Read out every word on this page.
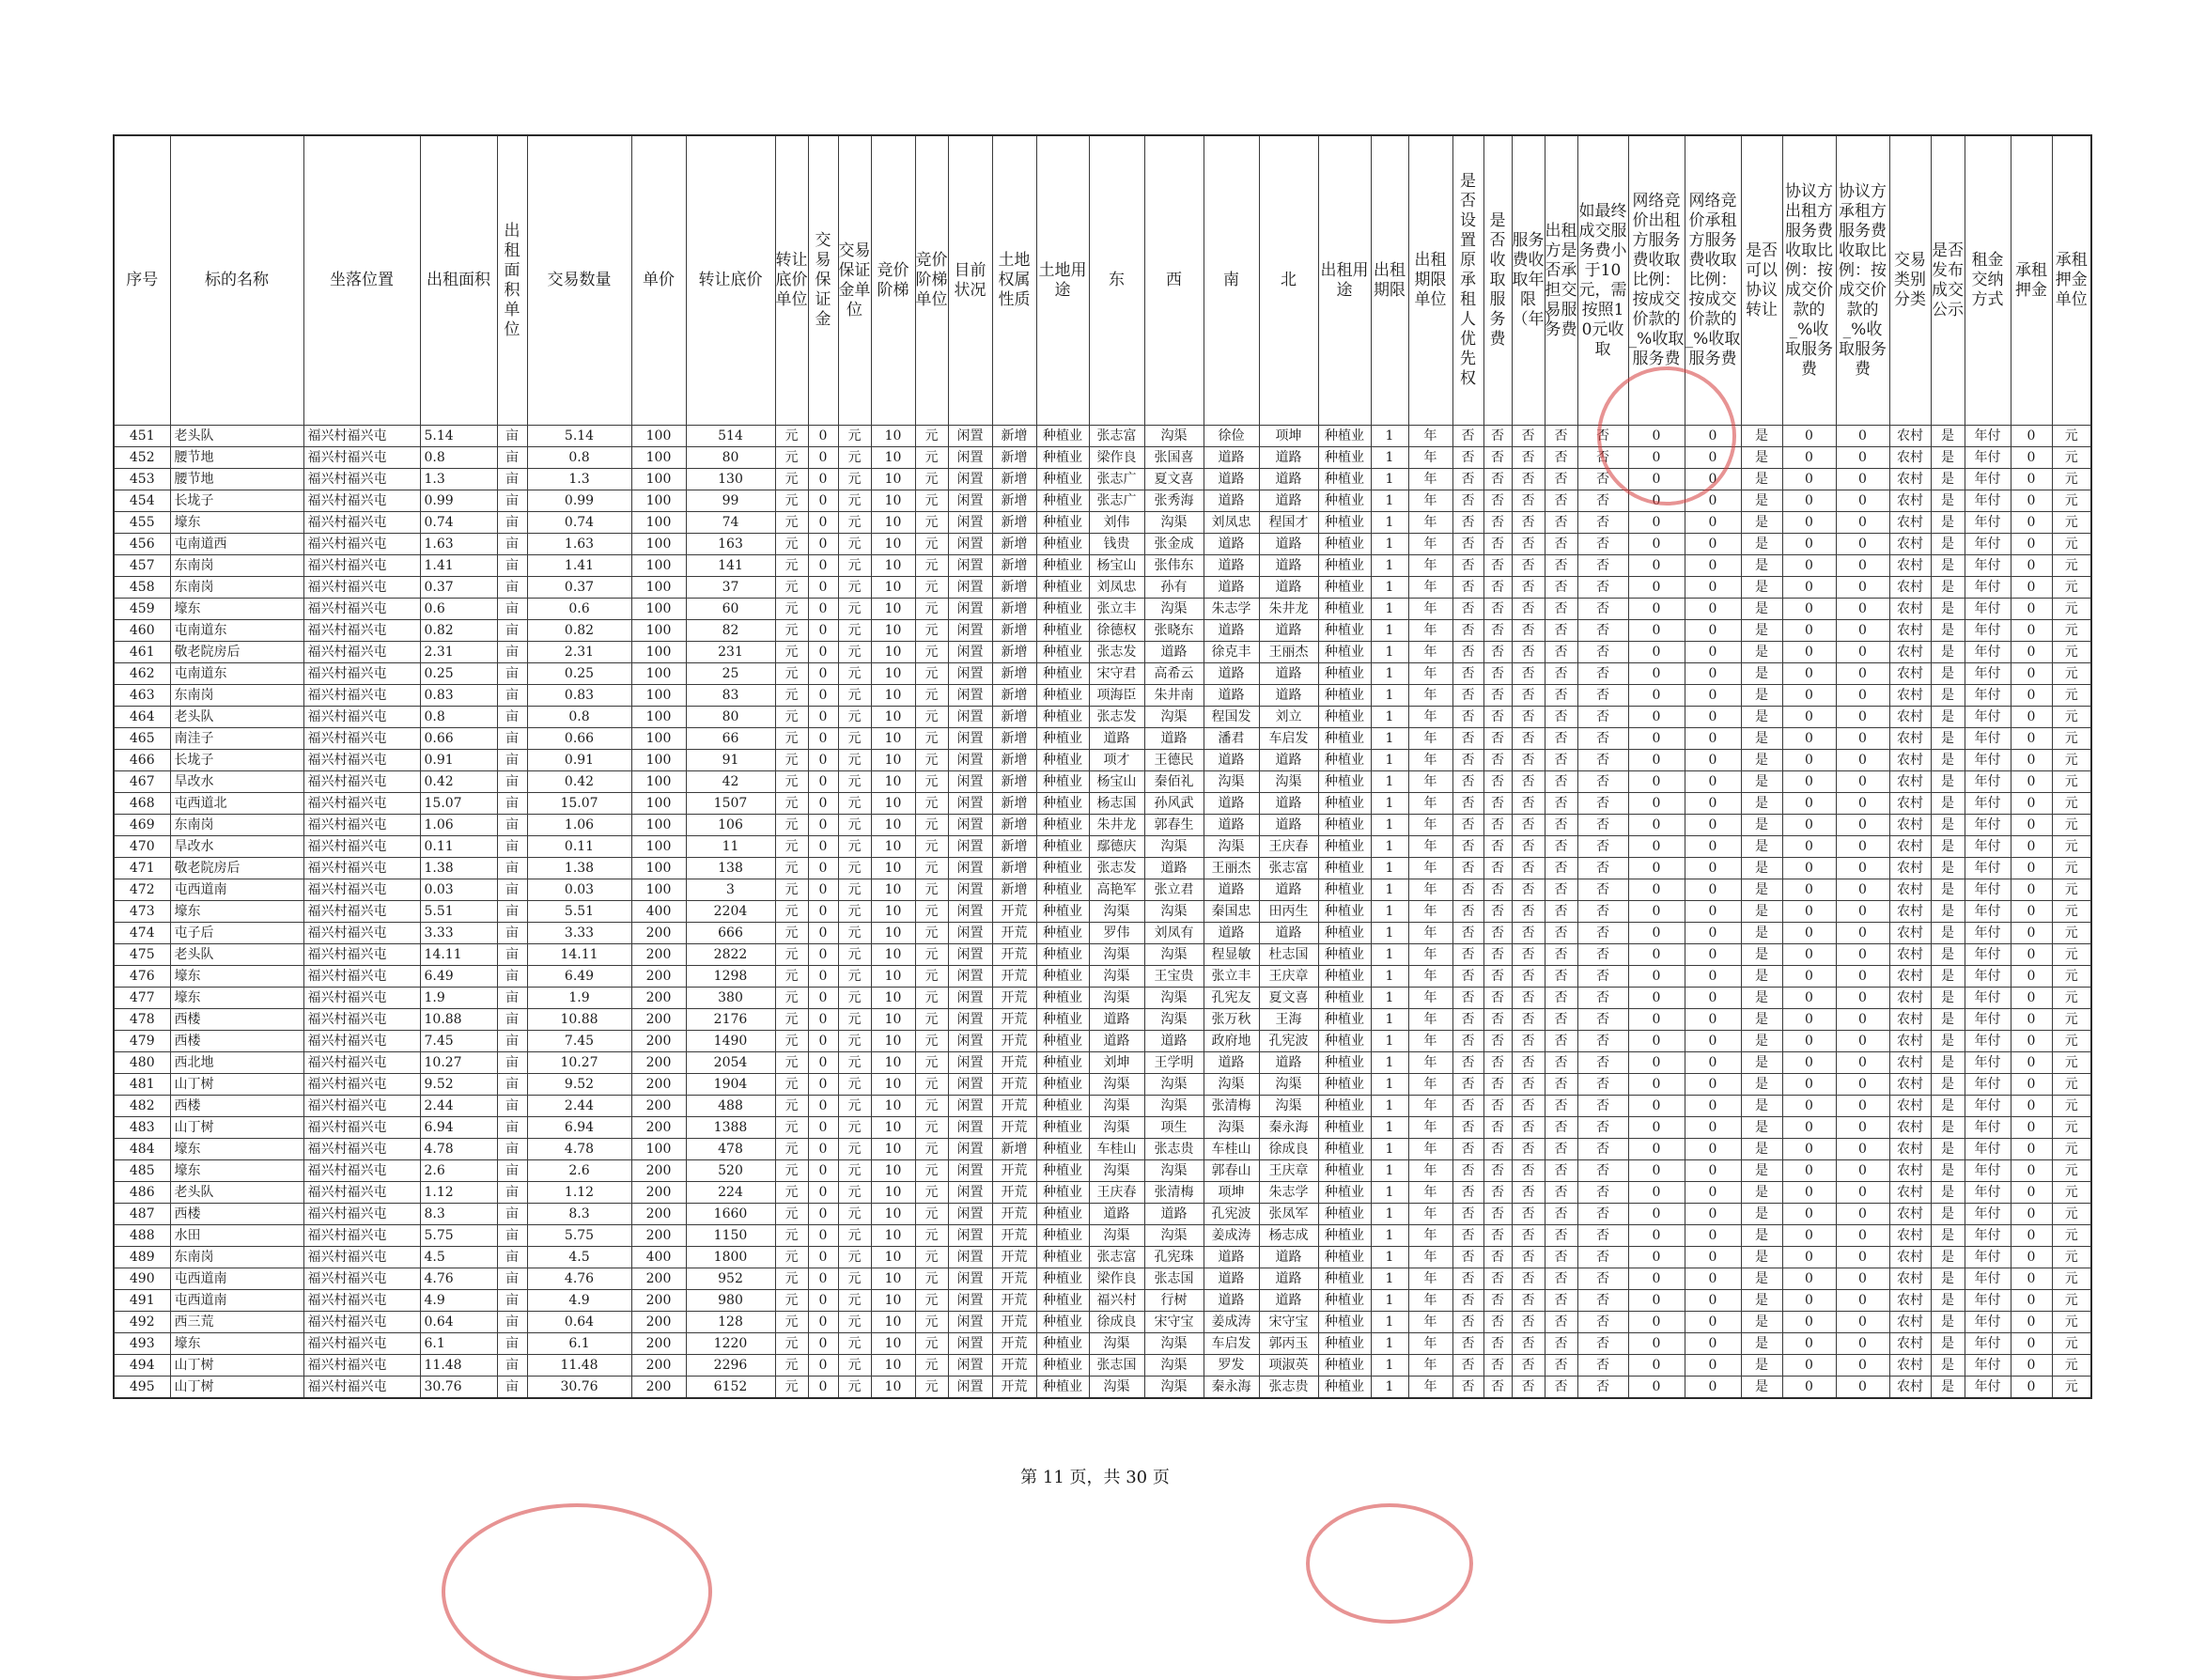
序号	标的名称	坐落位置	出租面积	出租面积单位	交易数量	单价	转让底价	转让底价单位	交易保证金	交易保证金单位	竞价阶梯	竞价阶梯单位	目前状况	土地权属性质	土地用途	东	西	南	北	出租用途	出租期限	出租期限单位	是否设置原承租人优先权	是否收取服务费	服务费收取年限（年）	出租方是否承担交易服务费	如最终成交服务费小于10元，需按照10元收取	网络竞价出租方服务费收取比例：按成交价款的_%收取服务费	网络竞价承租方服务费收取比例：按成交价款的_%收取服务费	是否可以协议转让	协议方出租方服务费收取比例：按成交价款的_%收取服务费	协议方承租方服务费收取比例：按成交价款的_%收取服务费	交易类别分类	是否发布成交公示	租金交纳方式	承租押金	承租押金单位
451	老头队	福兴村福兴屯	5.14	亩	5.14	100	514	元	0	元	10	元	闲置	新增	种植业	张志富	沟渠	徐俭	项坤	种植业	1	年	否	否	否	否	否	0	0	是	0	0	农村	是	年付	0	元
452	腰节地	福兴村福兴屯	0.8	亩	0.8	100	80	元	0	元	10	元	闲置	新增	种植业	梁作良	张国喜	道路	道路	种植业	1	年	否	否	否	否	否	0	0	是	0	0	农村	是	年付	0	元
453	腰节地	福兴村福兴屯	1.3	亩	1.3	100	130	元	0	元	10	元	闲置	新增	种植业	张志广	夏文喜	道路	道路	种植业	1	年	否	否	否	否	否	0	0	是	0	0	农村	是	年付	0	元
454	长垅子	福兴村福兴屯	0.99	亩	0.99	100	99	元	0	元	10	元	闲置	新增	种植业	张志广	张秀海	道路	道路	种植业	1	年	否	否	否	否	否	0	0	是	0	0	农村	是	年付	0	元
455	壕东	福兴村福兴屯	0.74	亩	0.74	100	74	元	0	元	10	元	闲置	新增	种植业	刘伟	沟渠	刘凤忠	程国才	种植业	1	年	否	否	否	否	否	0	0	是	0	0	农村	是	年付	0	元
456	屯南道西	福兴村福兴屯	1.63	亩	1.63	100	163	元	0	元	10	元	闲置	新增	种植业	钱贵	张金成	道路	道路	种植业	1	年	否	否	否	否	否	0	0	是	0	0	农村	是	年付	0	元
457	东南岗	福兴村福兴屯	1.41	亩	1.41	100	141	元	0	元	10	元	闲置	新增	种植业	杨宝山	张伟东	道路	道路	种植业	1	年	否	否	否	否	否	0	0	是	0	0	农村	是	年付	0	元
458	东南岗	福兴村福兴屯	0.37	亩	0.37	100	37	元	0	元	10	元	闲置	新增	种植业	刘凤忠	孙有	道路	道路	种植业	1	年	否	否	否	否	否	0	0	是	0	0	农村	是	年付	0	元
459	壕东	福兴村福兴屯	0.6	亩	0.6	100	60	元	0	元	10	元	闲置	新增	种植业	张立丰	沟渠	朱志学	朱井龙	种植业	1	年	否	否	否	否	否	0	0	是	0	0	农村	是	年付	0	元
460	屯南道东	福兴村福兴屯	0.82	亩	0.82	100	82	元	0	元	10	元	闲置	新增	种植业	徐德权	张晓东	道路	道路	种植业	1	年	否	否	否	否	否	0	0	是	0	0	农村	是	年付	0	元
461	敬老院房后	福兴村福兴屯	2.31	亩	2.31	100	231	元	0	元	10	元	闲置	新增	种植业	张志发	道路	徐克丰	王丽杰	种植业	1	年	否	否	否	否	否	0	0	是	0	0	农村	是	年付	0	元
462	屯南道东	福兴村福兴屯	0.25	亩	0.25	100	25	元	0	元	10	元	闲置	新增	种植业	宋守君	高希云	道路	道路	种植业	1	年	否	否	否	否	否	0	0	是	0	0	农村	是	年付	0	元
463	东南岗	福兴村福兴屯	0.83	亩	0.83	100	83	元	0	元	10	元	闲置	新增	种植业	项海臣	朱井南	道路	道路	种植业	1	年	否	否	否	否	否	0	0	是	0	0	农村	是	年付	0	元
464	老头队	福兴村福兴屯	0.8	亩	0.8	100	80	元	0	元	10	元	闲置	新增	种植业	张志发	沟渠	程国发	刘立	种植业	1	年	否	否	否	否	否	0	0	是	0	0	农村	是	年付	0	元
465	南洼子	福兴村福兴屯	0.66	亩	0.66	100	66	元	0	元	10	元	闲置	新增	种植业	道路	道路	潘君	车启发	种植业	1	年	否	否	否	否	否	0	0	是	0	0	农村	是	年付	0	元
466	长垅子	福兴村福兴屯	0.91	亩	0.91	100	91	元	0	元	10	元	闲置	新增	种植业	项才	王德民	道路	道路	种植业	1	年	否	否	否	否	否	0	0	是	0	0	农村	是	年付	0	元
467	旱改水	福兴村福兴屯	0.42	亩	0.42	100	42	元	0	元	10	元	闲置	新增	种植业	杨宝山	秦佰礼	沟渠	沟渠	种植业	1	年	否	否	否	否	否	0	0	是	0	0	农村	是	年付	0	元
468	屯西道北	福兴村福兴屯	15.07	亩	15.07	100	1507	元	0	元	10	元	闲置	新增	种植业	杨志国	孙风武	道路	道路	种植业	1	年	否	否	否	否	否	0	0	是	0	0	农村	是	年付	0	元
469	东南岗	福兴村福兴屯	1.06	亩	1.06	100	106	元	0	元	10	元	闲置	新增	种植业	朱井龙	郭春生	道路	道路	种植业	1	年	否	否	否	否	否	0	0	是	0	0	农村	是	年付	0	元
470	旱改水	福兴村福兴屯	0.11	亩	0.11	100	11	元	0	元	10	元	闲置	新增	种植业	鄢德庆	沟渠	沟渠	王庆春	种植业	1	年	否	否	否	否	否	0	0	是	0	0	农村	是	年付	0	元
471	敬老院房后	福兴村福兴屯	1.38	亩	1.38	100	138	元	0	元	10	元	闲置	新增	种植业	张志发	道路	王丽杰	张志富	种植业	1	年	否	否	否	否	否	0	0	是	0	0	农村	是	年付	0	元
472	屯西道南	福兴村福兴屯	0.03	亩	0.03	100	3	元	0	元	10	元	闲置	新增	种植业	高艳军	张立君	道路	道路	种植业	1	年	否	否	否	否	否	0	0	是	0	0	农村	是	年付	0	元
473	壕东	福兴村福兴屯	5.51	亩	5.51	400	2204	元	0	元	10	元	闲置	开荒	种植业	沟渠	沟渠	秦国忠	田丙生	种植业	1	年	否	否	否	否	否	0	0	是	0	0	农村	是	年付	0	元
474	屯子后	福兴村福兴屯	3.33	亩	3.33	200	666	元	0	元	10	元	闲置	开荒	种植业	罗伟	刘凤有	道路	道路	种植业	1	年	否	否	否	否	否	0	0	是	0	0	农村	是	年付	0	元
475	老头队	福兴村福兴屯	14.11	亩	14.11	200	2822	元	0	元	10	元	闲置	开荒	种植业	沟渠	沟渠	程显敏	杜志国	种植业	1	年	否	否	否	否	否	0	0	是	0	0	农村	是	年付	0	元
476	壕东	福兴村福兴屯	6.49	亩	6.49	200	1298	元	0	元	10	元	闲置	开荒	种植业	沟渠	王宝贵	张立丰	王庆章	种植业	1	年	否	否	否	否	否	0	0	是	0	0	农村	是	年付	0	元
477	壕东	福兴村福兴屯	1.9	亩	1.9	200	380	元	0	元	10	元	闲置	开荒	种植业	沟渠	沟渠	孔宪友	夏文喜	种植业	1	年	否	否	否	否	否	0	0	是	0	0	农村	是	年付	0	元
478	西楼	福兴村福兴屯	10.88	亩	10.88	200	2176	元	0	元	10	元	闲置	开荒	种植业	道路	沟渠	张万秋	王海	种植业	1	年	否	否	否	否	否	0	0	是	0	0	农村	是	年付	0	元
479	西楼	福兴村福兴屯	7.45	亩	7.45	200	1490	元	0	元	10	元	闲置	开荒	种植业	道路	道路	政府地	孔宪波	种植业	1	年	否	否	否	否	否	0	0	是	0	0	农村	是	年付	0	元
480	西北地	福兴村福兴屯	10.27	亩	10.27	200	2054	元	0	元	10	元	闲置	开荒	种植业	刘坤	王学明	道路	道路	种植业	1	年	否	否	否	否	否	0	0	是	0	0	农村	是	年付	0	元
481	山丁树	福兴村福兴屯	9.52	亩	9.52	200	1904	元	0	元	10	元	闲置	开荒	种植业	沟渠	沟渠	沟渠	沟渠	种植业	1	年	否	否	否	否	否	0	0	是	0	0	农村	是	年付	0	元
482	西楼	福兴村福兴屯	2.44	亩	2.44	200	488	元	0	元	10	元	闲置	开荒	种植业	沟渠	沟渠	张清梅	沟渠	种植业	1	年	否	否	否	否	否	0	0	是	0	0	农村	是	年付	0	元
483	山丁树	福兴村福兴屯	6.94	亩	6.94	200	1388	元	0	元	10	元	闲置	开荒	种植业	沟渠	项生	沟渠	秦永海	种植业	1	年	否	否	否	否	否	0	0	是	0	0	农村	是	年付	0	元
484	壕东	福兴村福兴屯	4.78	亩	4.78	100	478	元	0	元	10	元	闲置	新增	种植业	车桂山	张志贵	车桂山	徐成良	种植业	1	年	否	否	否	否	否	0	0	是	0	0	农村	是	年付	0	元
485	壕东	福兴村福兴屯	2.6	亩	2.6	200	520	元	0	元	10	元	闲置	开荒	种植业	沟渠	沟渠	郭春山	王庆章	种植业	1	年	否	否	否	否	否	0	0	是	0	0	农村	是	年付	0	元
486	老头队	福兴村福兴屯	1.12	亩	1.12	200	224	元	0	元	10	元	闲置	开荒	种植业	王庆春	张清梅	项坤	朱志学	种植业	1	年	否	否	否	否	否	0	0	是	0	0	农村	是	年付	0	元
487	西楼	福兴村福兴屯	8.3	亩	8.3	200	1660	元	0	元	10	元	闲置	开荒	种植业	道路	道路	孔宪波	张凤军	种植业	1	年	否	否	否	否	否	0	0	是	0	0	农村	是	年付	0	元
488	水田	福兴村福兴屯	5.75	亩	5.75	200	1150	元	0	元	10	元	闲置	开荒	种植业	沟渠	沟渠	姜成涛	杨志成	种植业	1	年	否	否	否	否	否	0	0	是	0	0	农村	是	年付	0	元
489	东南岗	福兴村福兴屯	4.5	亩	4.5	400	1800	元	0	元	10	元	闲置	开荒	种植业	张志富	孔宪珠	道路	道路	种植业	1	年	否	否	否	否	否	0	0	是	0	0	农村	是	年付	0	元
490	屯西道南	福兴村福兴屯	4.76	亩	4.76	200	952	元	0	元	10	元	闲置	开荒	种植业	梁作良	张志国	道路	道路	种植业	1	年	否	否	否	否	否	0	0	是	0	0	农村	是	年付	0	元
491	屯西道南	福兴村福兴屯	4.9	亩	4.9	200	980	元	0	元	10	元	闲置	开荒	种植业	福兴村	行树	道路	道路	种植业	1	年	否	否	否	否	否	0	0	是	0	0	农村	是	年付	0	元
492	西三荒	福兴村福兴屯	0.64	亩	0.64	200	128	元	0	元	10	元	闲置	开荒	种植业	徐成良	宋守宝	姜成涛	宋守宝	种植业	1	年	否	否	否	否	否	0	0	是	0	0	农村	是	年付	0	元
493	壕东	福兴村福兴屯	6.1	亩	6.1	200	1220	元	0	元	10	元	闲置	开荒	种植业	沟渠	沟渠	车启发	郭丙玉	种植业	1	年	否	否	否	否	否	0	0	是	0	0	农村	是	年付	0	元
494	山丁树	福兴村福兴屯	11.48	亩	11.48	200	2296	元	0	元	10	元	闲置	开荒	种植业	张志国	沟渠	罗发	项淑英	种植业	1	年	否	否	否	否	否	0	0	是	0	0	农村	是	年付	0	元
495	山丁树	福兴村福兴屯	30.76	亩	30.76	200	6152	元	0	元	10	元	闲置	开荒	种植业	沟渠	沟渠	秦永海	张志贵	种植业	1	年	否	否	否	否	否	0	0	是	0	0	农村	是	年付	0	元
第 11 页，共 30 页
